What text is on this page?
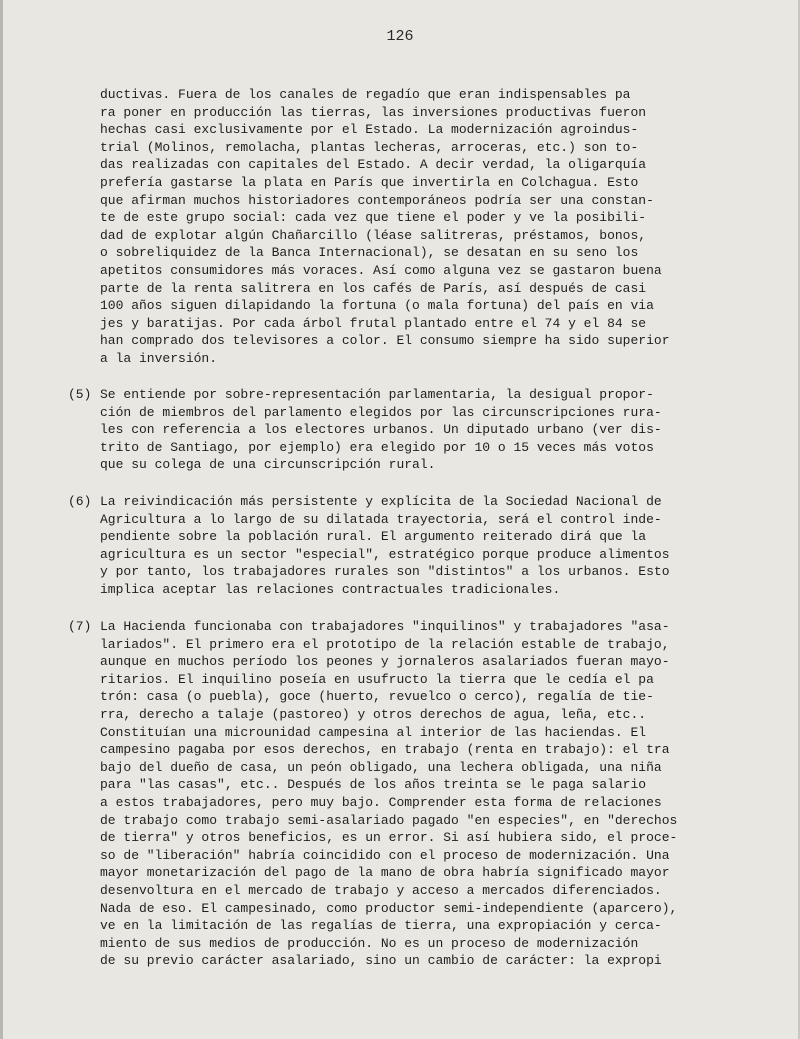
126
ductivas. Fuera de los canales de regadío que eran indispensables pa
ra poner en producción las tierras, las inversiones productivas fueron
hechas casi exclusivamente por el Estado. La modernización agroindus-
trial (Molinos, remolacha, plantas lecheras, arroceras, etc.) son to-
das realizadas con capitales del Estado. A decir verdad, la oligarquía
prefería gastarse la plata en París que invertirla en Colchagua. Esto
que afirman muchos historiadores contemporáneos podría ser una constan-
te de este grupo social: cada vez que tiene el poder y ve la posibili-
dad de explotar algún Chañarcillo (léase salitreras, préstamos, bonos,
o sobreliquidez de la Banca Internacional), se desatan en su seno los
apetitos consumidores más voraces. Así como alguna vez se gastaron buena
parte de la renta salitrera en los cafés de París, así después de casi
100 años siguen dilapidando la fortuna (o mala fortuna) del país en via
jes y baratijas. Por cada árbol frutal plantado entre el 74 y el 84 se
han comprado dos televisores a color. El consumo siempre ha sido superior
a la inversión.
(5) Se entiende por sobre-representación parlamentaria, la desigual propor-
ción de miembros del parlamento elegidos por las circunscripciones rura-
les con referencia a los electores urbanos. Un diputado urbano (ver dis-
trito de Santiago, por ejemplo) era elegido por 10 o 15 veces más votos
que su colega de una circunscripción rural.
(6) La reivindicación más persistente y explícita de la Sociedad Nacional de
Agricultura a lo largo de su dilatada trayectoria, será el control inde-
pendiente sobre la población rural. El argumento reiterado dirá que la
agricultura es un sector "especial", estratégico porque produce alimentos
y por tanto, los trabajadores rurales son "distintos" a los urbanos. Esto
implica aceptar las relaciones contractuales tradicionales.
(7) La Hacienda funcionaba con trabajadores "inquilinos" y trabajadores "asa-
lariados". El primero era el prototipo de la relación estable de trabajo,
aunque en muchos período los peones y jornaleros asalariados fueran mayo-
ritarios. El inquilino poseía en usufructo la tierra que le cedía el pa
trón: casa (o puebla), goce (huerto, revuelco o cerco), regalía de tie-
rra, derecho a talaje (pastoreo) y otros derechos de agua, leña, etc..
Constituían una microunidad campesina al interior de las haciendas. El
campesino pagaba por esos derechos, en trabajo (renta en trabajo): el tra
bajo del dueño de casa, un peón obligado, una lechera obligada, una niña
para "las casas", etc.. Después de los años treinta se le paga salario
a estos trabajadores, pero muy bajo. Comprender esta forma de relaciones
de trabajo como trabajo semi-asalariado pagado "en especies", en "derechos
de tierra" y otros beneficios, es un error. Si así hubiera sido, el proce-
so de "liberación" habría coincidido con el proceso de modernización. Una
mayor monetarización del pago de la mano de obra habría significado mayor
desenvoltura en el mercado de trabajo y acceso a mercados diferenciados.
Nada de eso. El campesinado, como productor semi-independiente (aparcero),
ve en la limitación de las regalías de tierra, una expropiación y cerca-
miento de sus medios de producción. No es un proceso de modernización
de su previo carácter asalariado, sino un cambio de carácter: la expropi
